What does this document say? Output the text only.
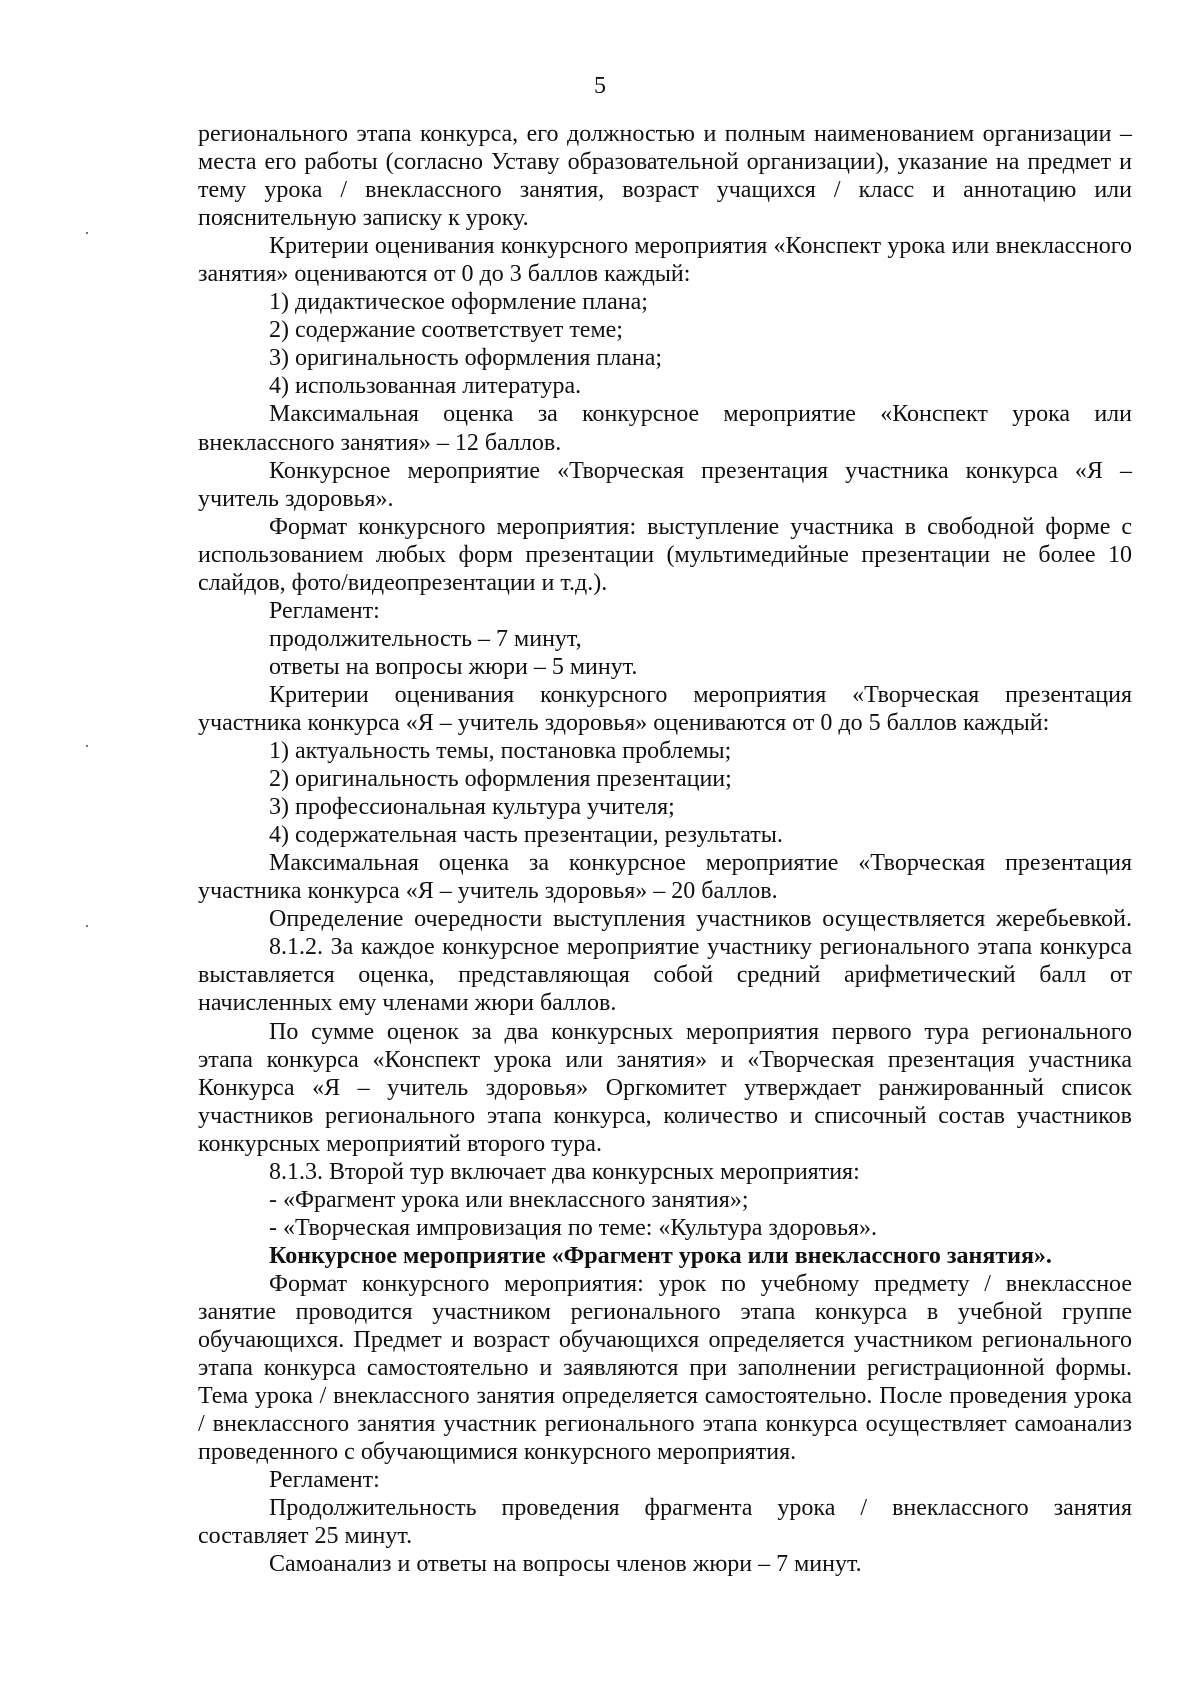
5

регионального этапа конкурса, его должностью и полным наименованием организации – места его работы (согласно Уставу образовательной организации), указание на предмет и тему урока / внеклассного занятия, возраст учащихся / класс и аннотацию или пояснительную записку к уроку.

Критерии оценивания конкурсного мероприятия «Конспект урока или внеклассного занятия» оцениваются от 0 до 3 баллов каждый:

1) дидактическое оформление плана;

2) содержание соответствует теме;

3) оригинальность оформления плана;

4) использованная литература.

Максимальная оценка за конкурсное мероприятие «Конспект урока или внеклассного занятия» – 12 баллов.

Конкурсное мероприятие «Творческая презентация участника конкурса «Я – учитель здоровья».

Формат конкурсного мероприятия: выступление участника в свободной форме с использованием любых форм презентации (мультимедийные презентации не более 10 слайдов, фото/видеопрезентации и т.д.).

Регламент:

продолжительность – 7 минут,

ответы на вопросы жюри – 5 минут.

Критерии оценивания конкурсного мероприятия «Творческая презентация участника конкурса «Я – учитель здоровья» оцениваются от 0 до 5 баллов каждый:

1) актуальность темы, постановка проблемы;

2) оригинальность оформления презентации;

3) профессиональная культура учителя;

4) содержательная часть презентации, результаты.

Максимальная оценка за конкурсное мероприятие «Творческая презентация участника конкурса «Я – учитель здоровья» – 20 баллов.

Определение очередности выступления участников осуществляется жеребьевкой.

8.1.2. За каждое конкурсное мероприятие участнику регионального этапа конкурса выставляется оценка, представляющая собой средний арифметический балл от начисленных ему членами жюри баллов.

По сумме оценок за два конкурсных мероприятия первого тура регионального этапа конкурса «Конспект урока или занятия» и «Творческая презентация участника Конкурса «Я – учитель здоровья» Оргкомитет утверждает ранжированный список участников регионального этапа конкурса, количество и списочный состав участников конкурсных мероприятий второго тура.

8.1.3. Второй тур включает два конкурсных мероприятия:

- «Фрагмент урока или внеклассного занятия»;

- «Творческая импровизация по теме: «Культура здоровья».

Конкурсное мероприятие «Фрагмент урока или внеклассного занятия».

Формат конкурсного мероприятия: урок по учебному предмету / внеклассное занятие проводится участником регионального этапа конкурса в учебной группе обучающихся. Предмет и возраст обучающихся определяется участником регионального этапа конкурса самостоятельно и заявляются при заполнении регистрационной формы. Тема урока / внеклассного занятия определяется самостоятельно. После проведения урока / внеклассного занятия участник регионального этапа конкурса осуществляет самоанализ проведенного с обучающимися конкурсного мероприятия.

Регламент:

Продолжительность проведения фрагмента урока / внеклассного занятия составляет 25 минут.

Самоанализ и ответы на вопросы членов жюри – 7 минут.
